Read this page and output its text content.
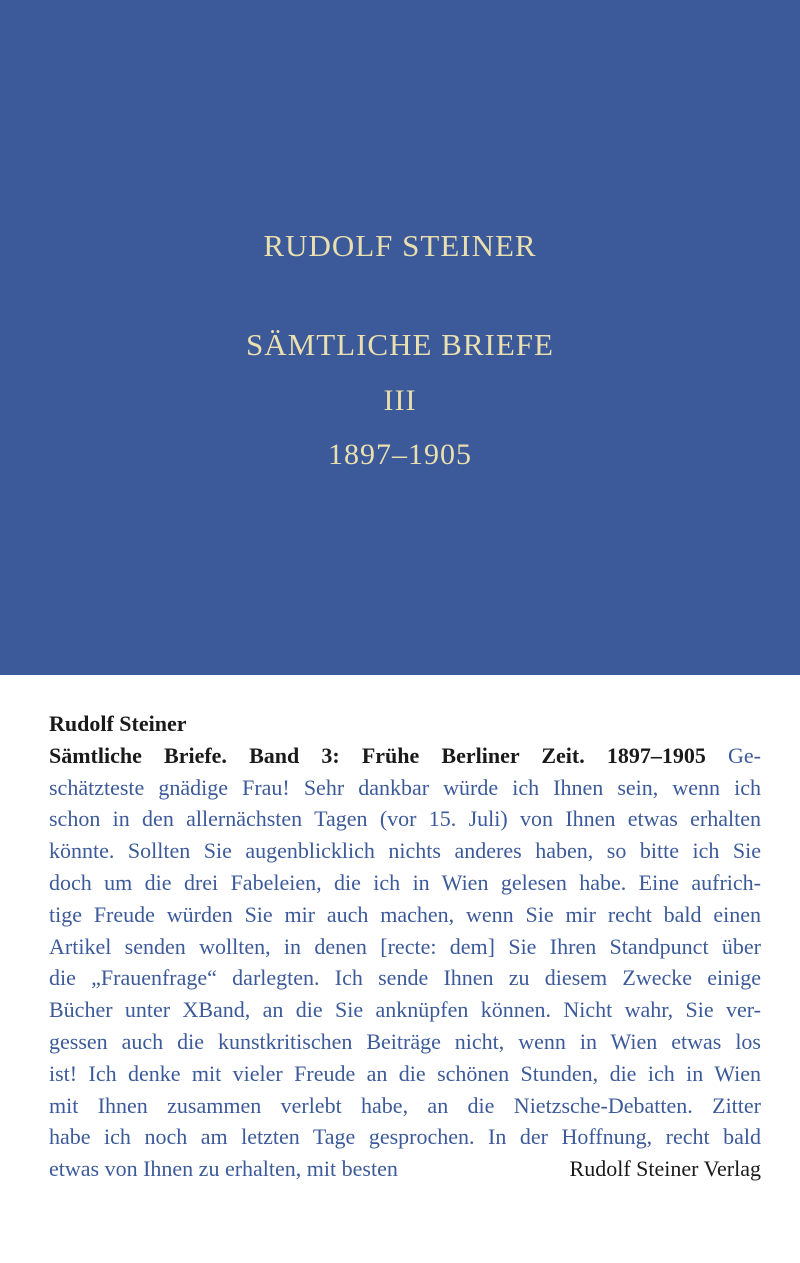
RUDOLF STEINER
SÄMTLICHE BRIEFE
III
1897–1905
Rudolf Steiner
Sämtliche Briefe. Band 3: Frühe Berliner Zeit. 1897–1905 Ge-
schätzteste gnädige Frau! Sehr dankbar würde ich Ihnen sein, wenn ich
schon in den allernächsten Tagen (vor 15. Juli) von Ihnen etwas erhalten
könnte. Sollten Sie augenblicklich nichts anderes haben, so bitte ich Sie
doch um die drei Fabeleien, die ich in Wien gelesen habe. Eine aufrich-
tige Freude würden Sie mir auch machen, wenn Sie mir recht bald einen
Artikel senden wollten, in denen [recte: dem] Sie Ihren Standpunct über
die „Frauenfrage“ darlegten. Ich sende Ihnen zu diesem Zwecke einige
Bücher unter XBand, an die Sie anknüpfen können. Nicht wahr, Sie ver-
gessen auch die kunstkritischen Beiträge nicht, wenn in Wien etwas los
ist! Ich denke mit vieler Freude an die schönen Stunden, die ich in Wien
mit Ihnen zusammen verlebt habe, an die Nietzsche-Debatten. Zitter
habe ich noch am letzten Tage gesprochen. In der Hoffnung, recht bald
etwas von Ihnen zu erhalten, mit besten	Rudolf Steiner Verlag
